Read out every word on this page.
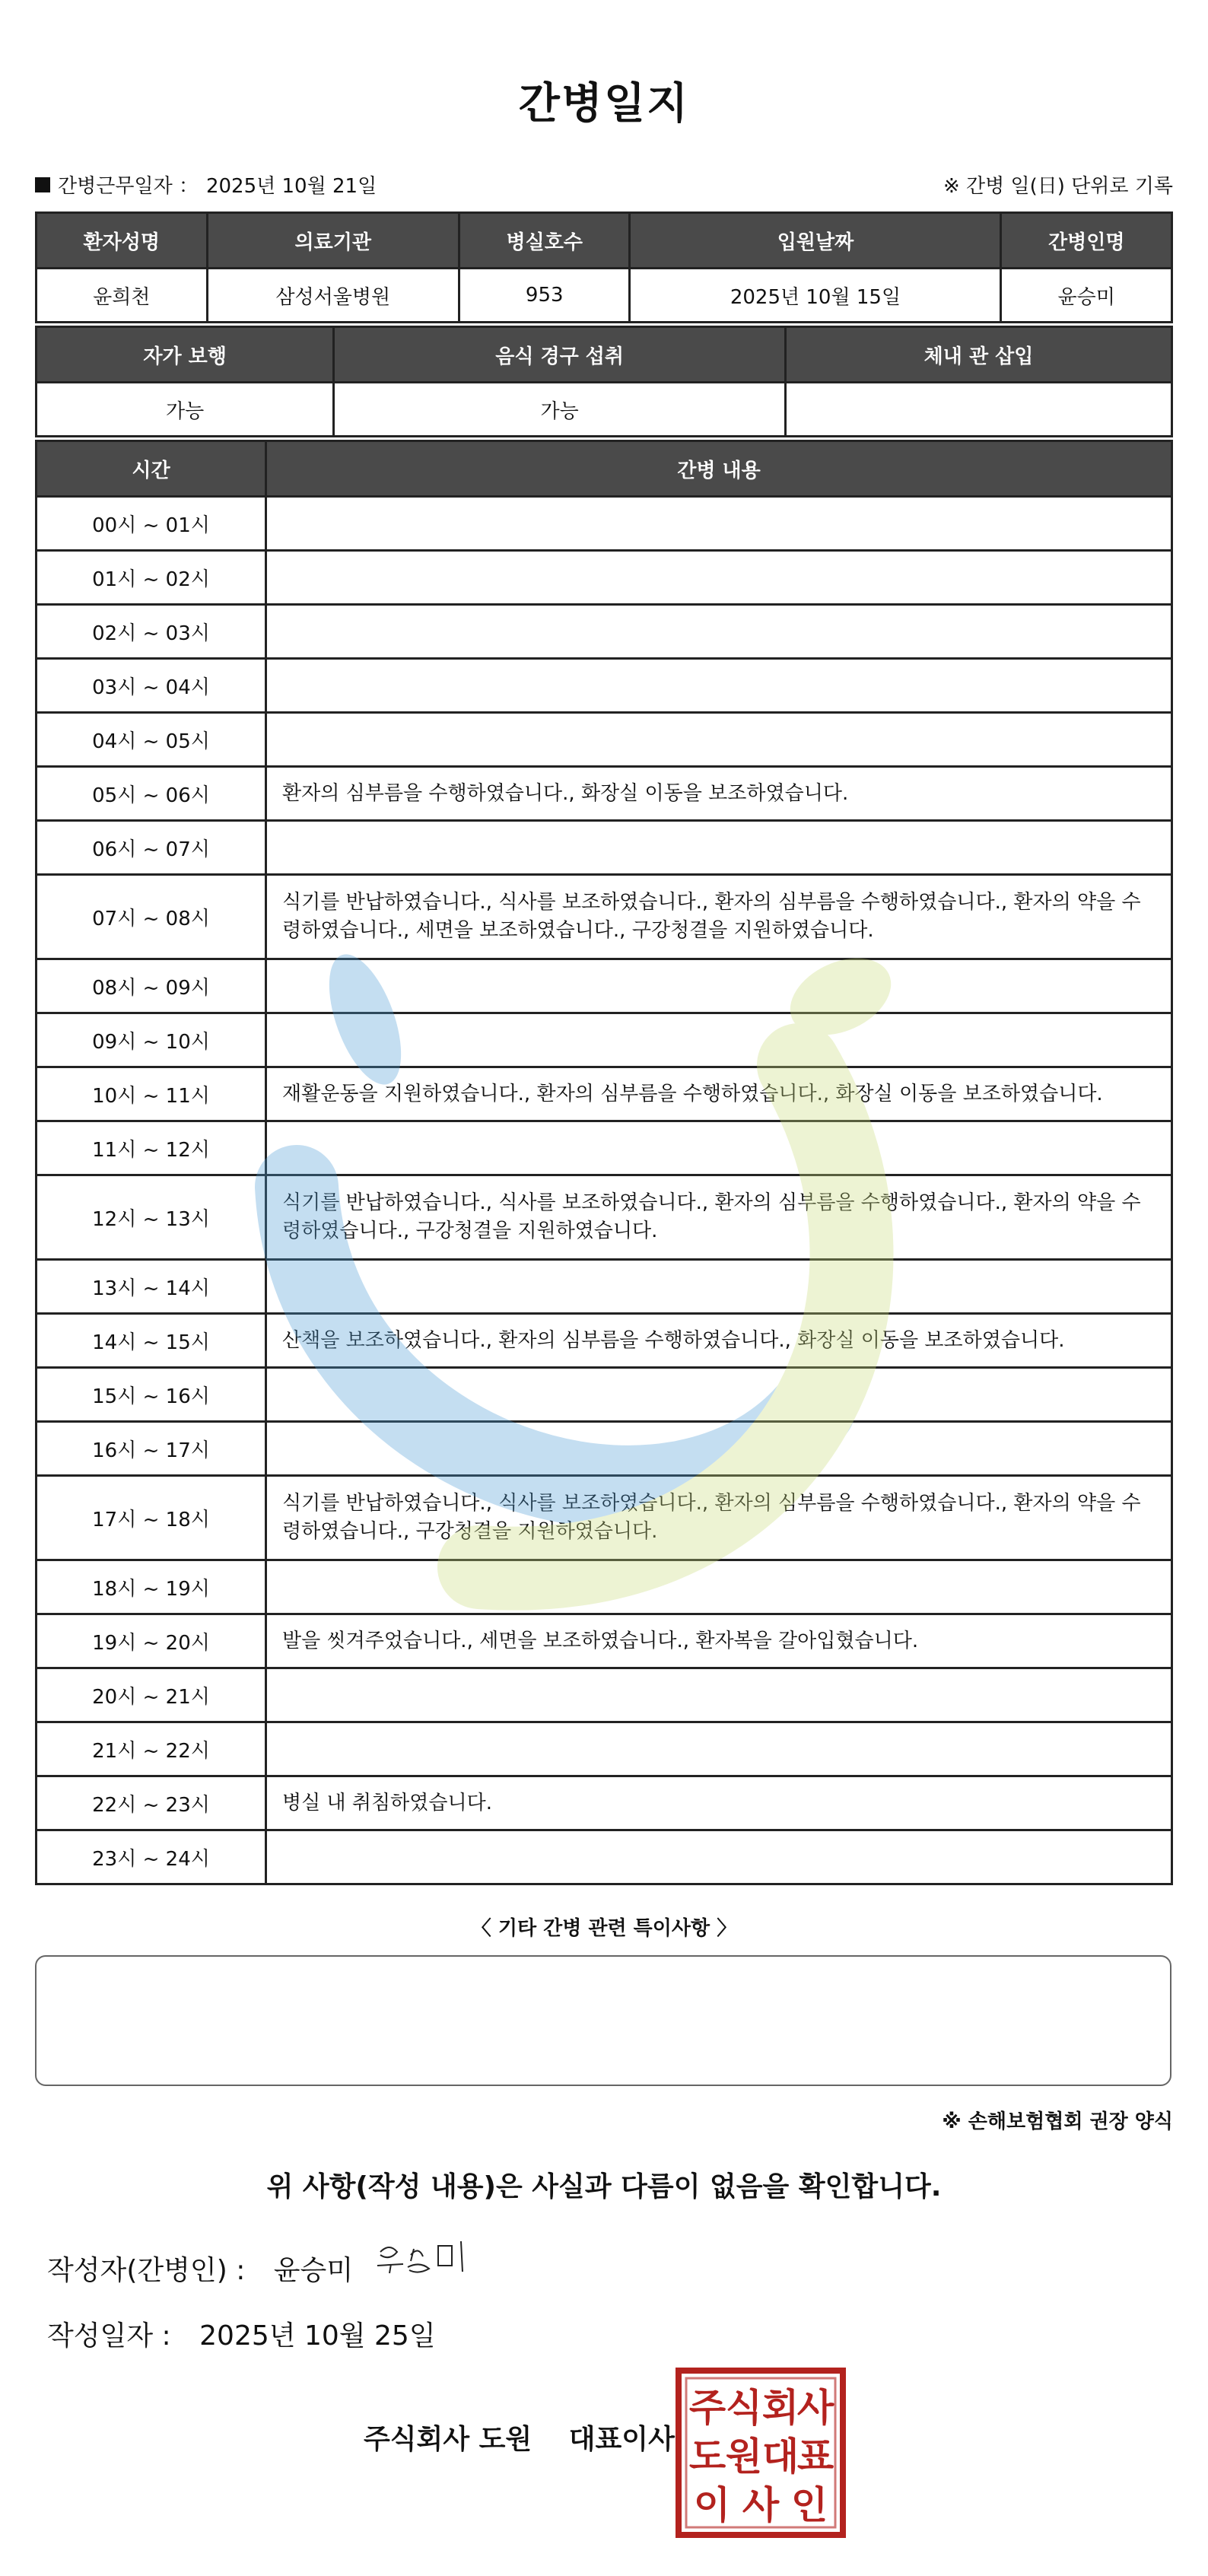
간병일지
간병근무일자 ： 2025년 10월 21일	※ 간병 일(日) 단위로 기록
환자성명	의료기관	병실호수	입원날짜	간병인명
윤희천	삼성서울병원	953	2025년 10월 15일	윤승미
자가 보행	음식 경구 섭취	체내 관 삽입
가능	가능	
시간	간병 내용
00시 ~ 01시	
01시 ~ 02시	
02시 ~ 03시	
03시 ~ 04시	
04시 ~ 05시	
05시 ~ 06시	환자의 심부름을 수행하였습니다., 화장실 이동을 보조하였습니다.
06시 ~ 07시	
07시 ~ 08시	식기를 반납하였습니다., 식사를 보조하였습니다., 환자의 심부름을 수행하였습니다., 환자의 약을 수령하였습니다., 세면을 보조하였습니다., 구강청결을 지원하였습니다.
08시 ~ 09시	
09시 ~ 10시	
10시 ~ 11시	재활운동을 지원하였습니다., 환자의 심부름을 수행하였습니다., 화장실 이동을 보조하였습니다.
11시 ~ 12시	
12시 ~ 13시	식기를 반납하였습니다., 식사를 보조하였습니다., 환자의 심부름을 수행하였습니다., 환자의 약을 수령하였습니다., 구강청결을 지원하였습니다.
13시 ~ 14시	
14시 ~ 15시	산책을 보조하였습니다., 환자의 심부름을 수행하였습니다., 화장실 이동을 보조하였습니다.
15시 ~ 16시	
16시 ~ 17시	
17시 ~ 18시	식기를 반납하였습니다., 식사를 보조하였습니다., 환자의 심부름을 수행하였습니다., 환자의 약을 수령하였습니다., 구강청결을 지원하였습니다.
18시 ~ 19시	
19시 ~ 20시	발을 씻겨주었습니다., 세면을 보조하였습니다., 환자복을 갈아입혔습니다.
20시 ~ 21시	
21시 ~ 22시	
22시 ~ 23시	병실 내 취침하였습니다.
23시 ~ 24시	
〈 기타 간병 관련 특이사항 〉
※ 손해보험협회 권장 양식
위 사항(작성 내용)은 사실과 다름이 없음을 확인합니다.
작성자(간병인) : 윤승미
작성일자 : 2025년 10월 25일
주식회사 도원 대표이사
주 식 회
사
도 원 대
표
이 사 인
